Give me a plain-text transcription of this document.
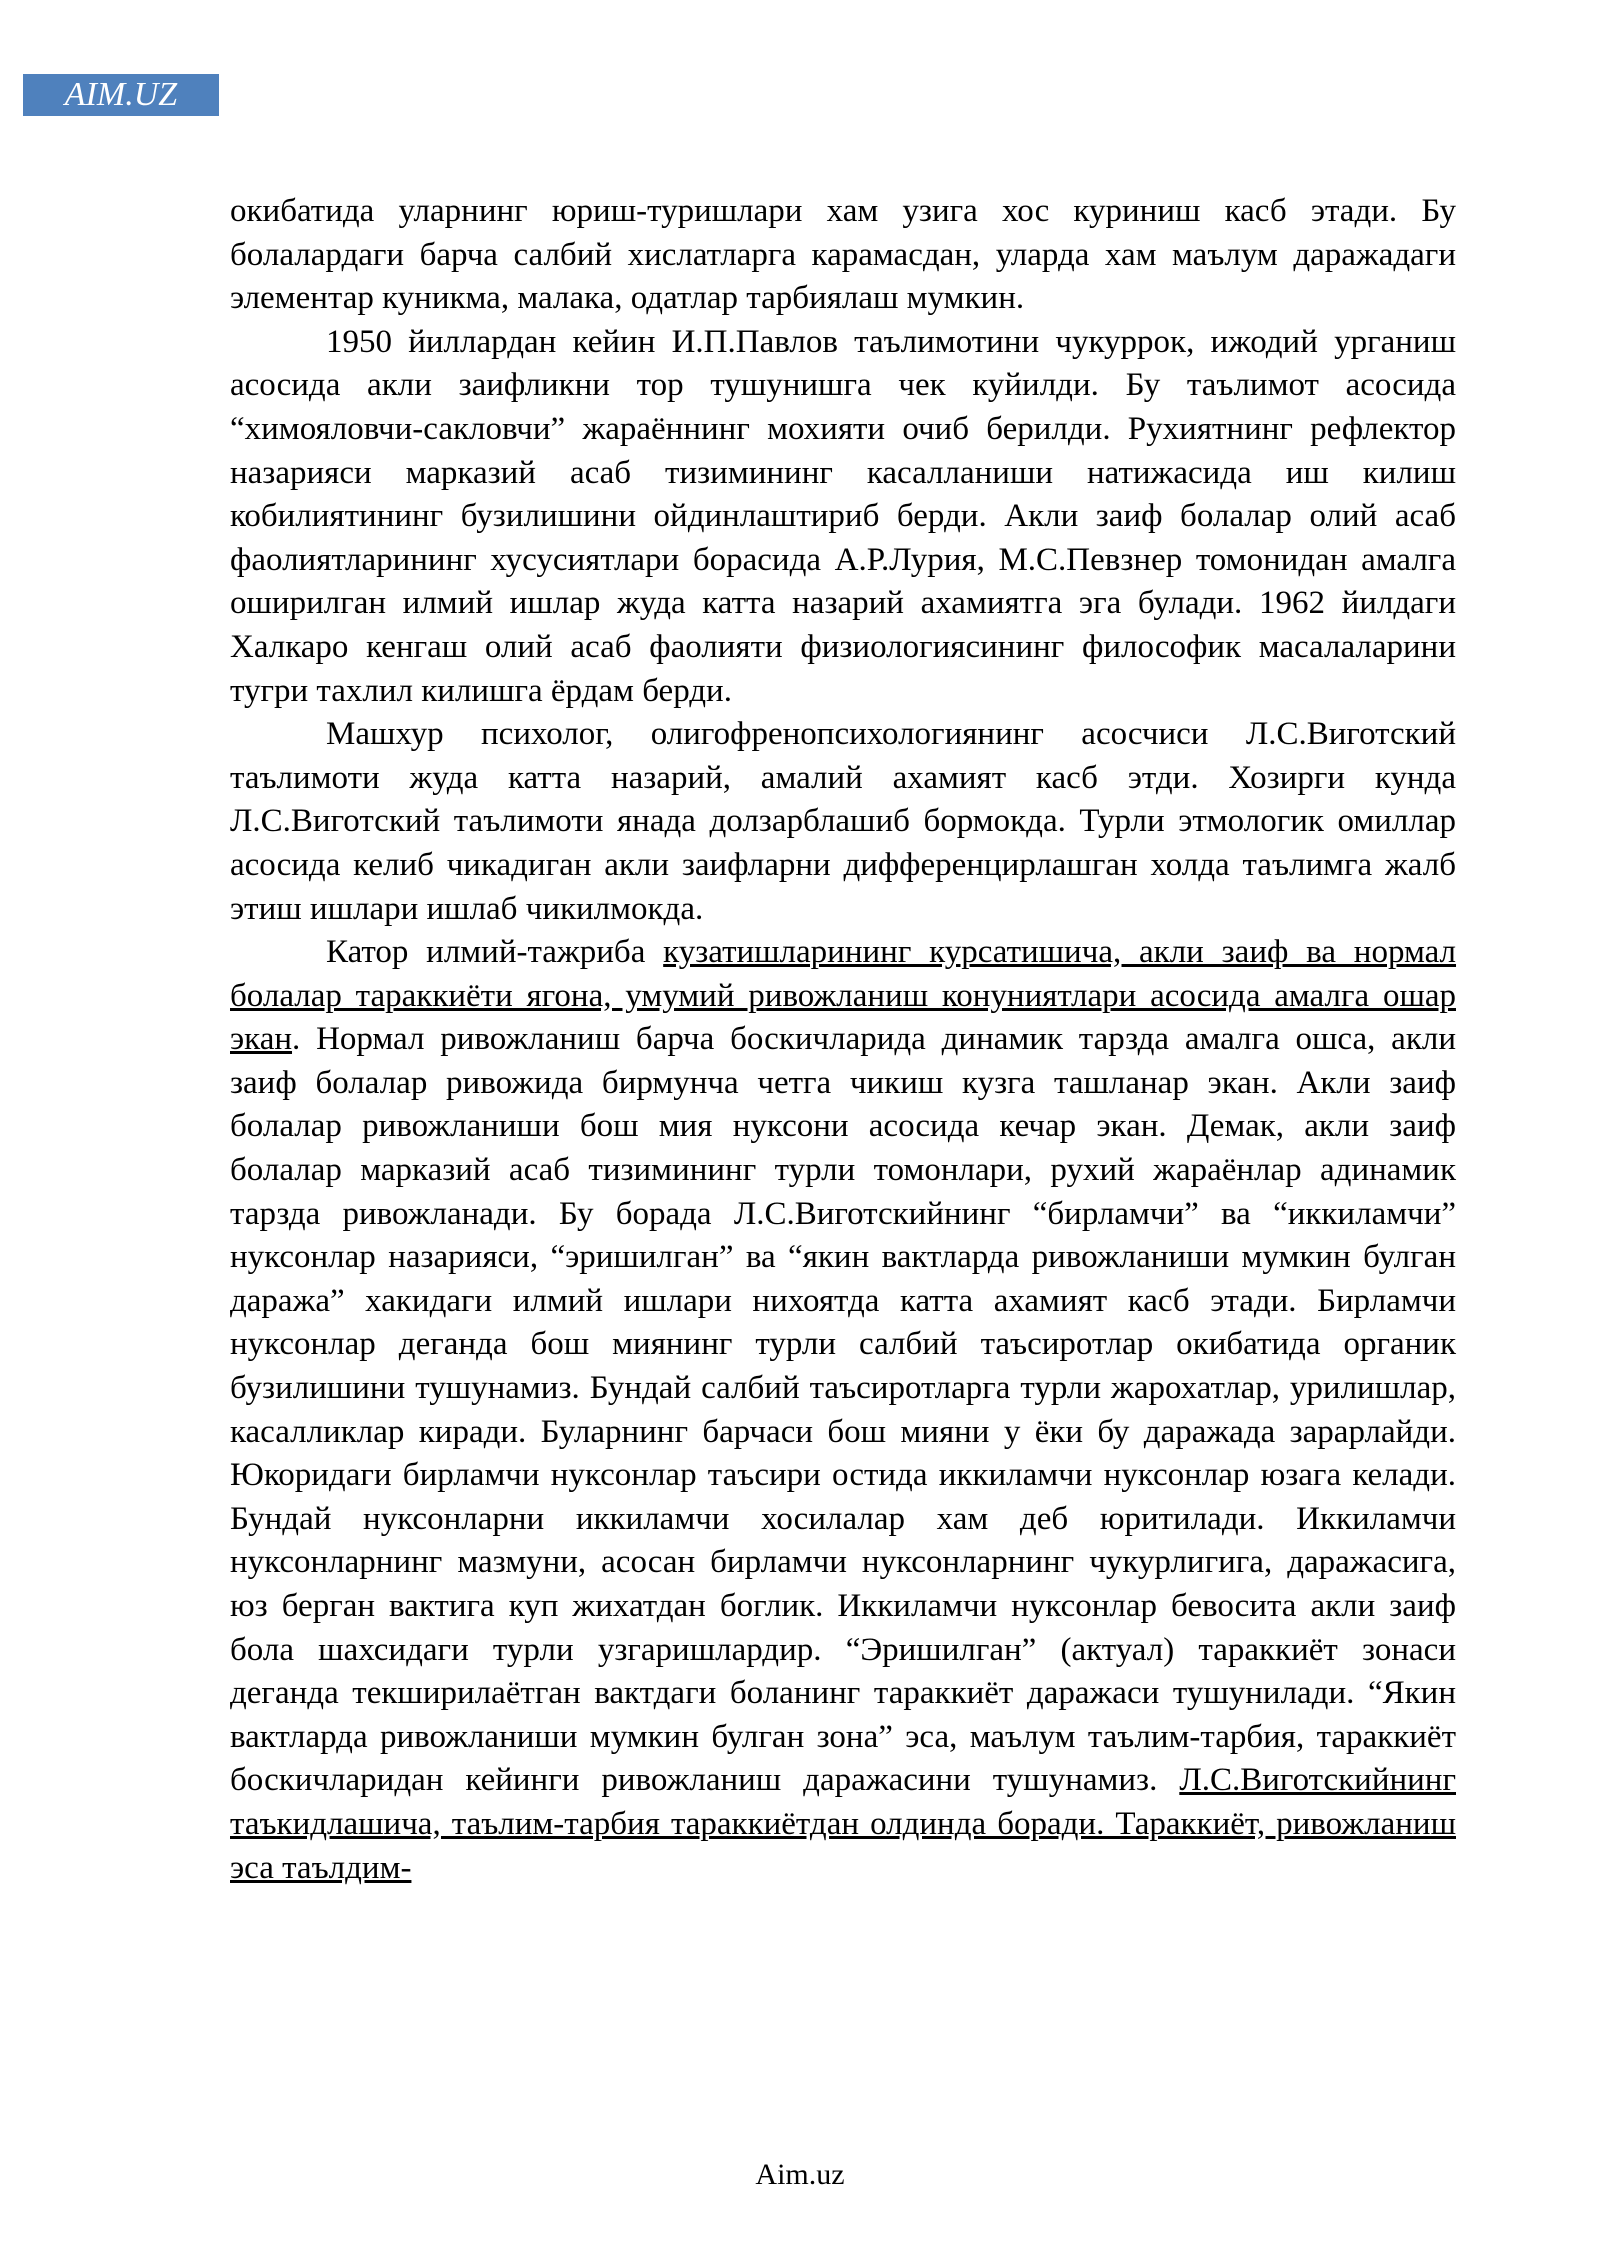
AIM.UZ

окибатида уларнинг юриш-туришлари хам узига хос куриниш касб этади. Бу болалардаги барча салбий хислатларга карамасдан, уларда хам маълум даражадаги элементар куникма, малака, одатлар тарбиялаш мумкин.

1950 йиллардан кейин И.П.Павлов таълимотини чукуррок, ижодий урганиш асосида акли заифликни тор тушунишга чек куйилди. Бу таълимот асосида “химояловчи-сакловчи” жараённинг мохияти очиб берилди. Рухиятнинг рефлектор назарияси марказий асаб тизимининг касалланиши натижасида иш килиш кобилиятининг бузилишини ойдинлаштириб берди. Акли заиф болалар олий асаб фаолиятларининг хусусиятлари борасида А.Р.Лурия, М.С.Певзнер томонидан амалга оширилган илмий ишлар жуда катта назарий ахамиятга эга булади. 1962 йилдаги Халкаро кенгаш олий асаб фаолияти физиологиясининг философик масалаларини тугри тахлил килишга ёрдам берди.

Машхур психолог, олигофренопсихологиянинг асосчиси Л.С.Виготский таълимоти жуда катта назарий, амалий ахамият касб этди. Хозирги кунда Л.С.Виготский таълимоти янада долзарблашиб бормокда. Турли этмологик омиллар асосида келиб чикадиган акли заифларни дифференцирлашган холда таълимга жалб этиш ишлари ишлаб чикилмокда.

Катор илмий-тажриба кузатишларининг курсатишича, акли заиф ва нормал болалар тараккиёти ягона, умумий ривожланиш конуниятлари асосида амалга ошар экан. Нормал ривожланиш барча боскичларида динамик тарзда амалга ошса, акли заиф болалар ривожида бирмунча четга чикиш кузга ташланар экан. Акли заиф болалар ривожланиши бош мия нуксони асосида кечар экан. Демак, акли заиф болалар марказий асаб тизимининг турли томонлари, рухий жараёнлар адинамик тарзда ривожланади. Бу борада Л.С.Виготскийнинг “бирламчи” ва “иккиламчи” нуксонлар назарияси, “эришилган” ва “якин вактларда ривожланиши мумкин булган даража” хакидаги илмий ишлари нихоятда катта ахамият касб этади. Бирламчи нуксонлар деганда бош миянинг турли салбий таъсиротлар окибатида органик бузилишини тушунамиз. Бундай салбий таъсиротларга турли жарохатлар, урилишлар, касалликлар киради. Буларнинг барчаси бош мияни у ёки бу даражада зарарлайди. Юкоридаги бирламчи нуксонлар таъсири остида иккиламчи нуксонлар юзага келади. Бундай нуксонларни иккиламчи хосилалар хам деб юритилади. Иккиламчи нуксонларнинг мазмуни, асосан бирламчи нуксонларнинг чукурлигига, даражасига, юз берган вактига куп жихатдан боглик. Иккиламчи нуксонлар бевосита акли заиф бола шахсидаги турли узгаришлардир. “Эришилган” (актуал) тараккиёт зонаси деганда текширилаётган вактдаги боланинг тараккиёт даражаси тушунилади. “Якин вактларда ривожланиши мумкин булган зона” эса, маълум таълим-тарбия, тараккиёт боскичларидан кейинги ривожланиш даражасини тушунамиз. Л.С.Виготскийнинг таъкидлашича, таълим-тарбия тараккиётдан олдинда боради. Тараккиёт, ривожланиш эса таълдим-

Aim.uz
